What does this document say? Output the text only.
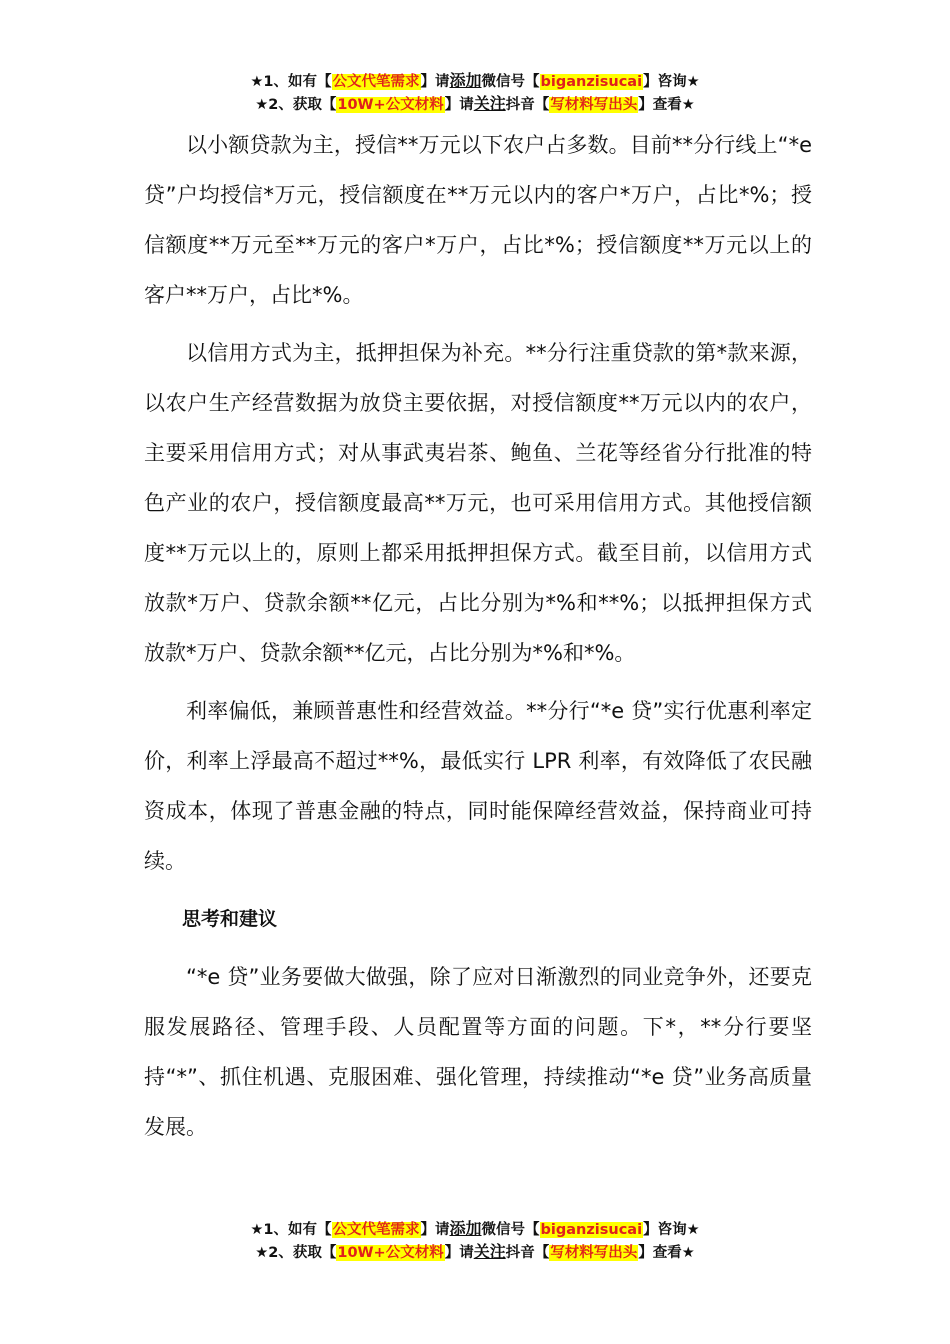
★1、如有【公文代笔需求】请添加微信号【biganzisucai】咨询★
★2、获取【10W+公文材料】请关注抖音【写材料写出头】查看★

以小额贷款为主，授信**万元以下农户占多数。目前**分行线上“*e 贷”户均授信*万元，授信额度在**万元以内的客户*万户，占比*%；授信额度**万元至**万元的客户*万户，占比*%；授信额度**万元以上的客户**万户，占比*%。

以信用方式为主，抵押担保为补充。**分行注重贷款的第*款来源，以农户生产经营数据为放贷主要依据，对授信额度**万元以内的农户，主要采用信用方式；对从事武夷岩茶、鲍鱼、兰花等经省分行批准的特色产业的农户，授信额度最高**万元，也可采用信用方式。其他授信额度**万元以上的，原则上都采用抵押担保方式。截至目前，以信用方式放款*万户、贷款余额**亿元，占比分别为*%和**%；以抵押担保方式放款*万户、贷款余额**亿元，占比分别为*%和*%。

利率偏低，兼顾普惠性和经营效益。**分行“*e 贷”实行优惠利率定价，利率上浮最高不超过**%，最低实行 LPR 利率，有效降低了农民融资成本，体现了普惠金融的特点，同时能保障经营效益，保持商业可持续。

思考和建议

“*e 贷”业务要做大做强，除了应对日渐激烈的同业竞争外，还要克服发展路径、管理手段、人员配置等方面的问题。下*，**分行要坚持“*”、抓住机遇、克服困难、强化管理，持续推动“*e 贷”业务高质量发展。

★1、如有【公文代笔需求】请添加微信号【biganzisucai】咨询★
★2、获取【10W+公文材料】请关注抖音【写材料写出头】查看★
